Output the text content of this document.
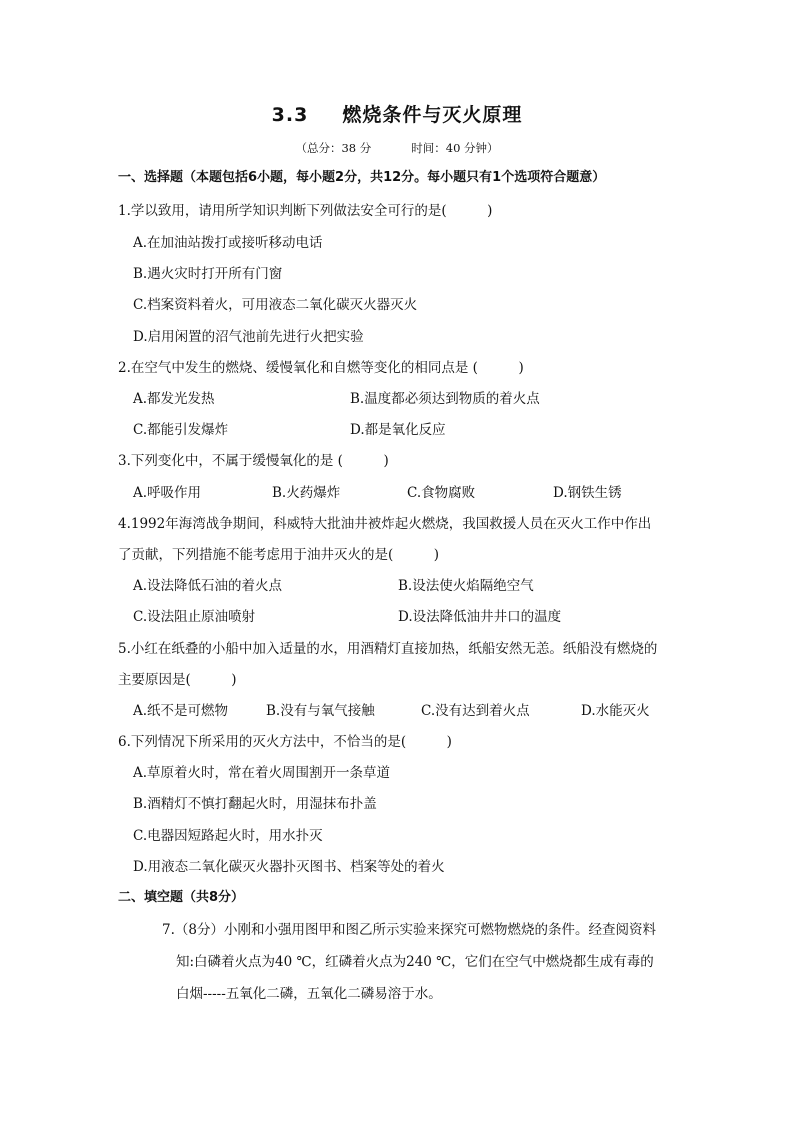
3.3 燃烧条件与灭火原理
（总分：38 分	时间：40 分钟）
一、选择题（本题包括6小题，每小题2分，共12分。每小题只有1个选项符合题意）
1.学以致用，请用所学知识判断下列做法安全可行的是(　　　)
A.在加油站拨打或接听移动电话
B.遇火灾时打开所有门窗
C.档案资料着火，可用液态二氧化碳灭火器灭火
D.启用闲置的沼气池前先进行火把实验
2.在空气中发生的燃烧、缓慢氧化和自燃等变化的相同点是 (　　　)
A.都发光发热	B.温度都必须达到物质的着火点
C.都能引发爆炸	D.都是氧化反应
3.下列变化中，不属于缓慢氧化的是 (　　　)
A.呼吸作用	B.火药爆炸	C.食物腐败	D.钢铁生锈
4.1992年海湾战争期间，科威特大批油井被炸起火燃烧，我国救援人员在灭火工作中作出
了贡献，下列措施不能考虑用于油井灭火的是(　　　)
A.设法降低石油的着火点	B.设法使火焰隔绝空气
C.设法阻止原油喷射	D.设法降低油井井口的温度
5.小红在纸叠的小船中加入适量的水，用酒精灯直接加热，纸船安然无恙。纸船没有燃烧的
主要原因是(　　　)
A.纸不是可燃物	B.没有与氧气接触	C.没有达到着火点	D.水能灭火
6.下列情况下所采用的灭火方法中，不恰当的是(　　　)
A.草原着火时，常在着火周围割开一条草道
B.酒精灯不慎打翻起火时，用湿抹布扑盖
C.电器因短路起火时，用水扑灭
D.用液态二氧化碳灭火器扑灭图书、档案等处的着火
二、填空题（共8分）
7.（8分）小刚和小强用图甲和图乙所示实验来探究可燃物燃烧的条件。经查阅资料
知:白磷着火点为40 ℃，红磷着火点为240 ℃，它们在空气中燃烧都生成有毒的
白烟-----五氧化二磷，五氧化二磷易溶于水。
